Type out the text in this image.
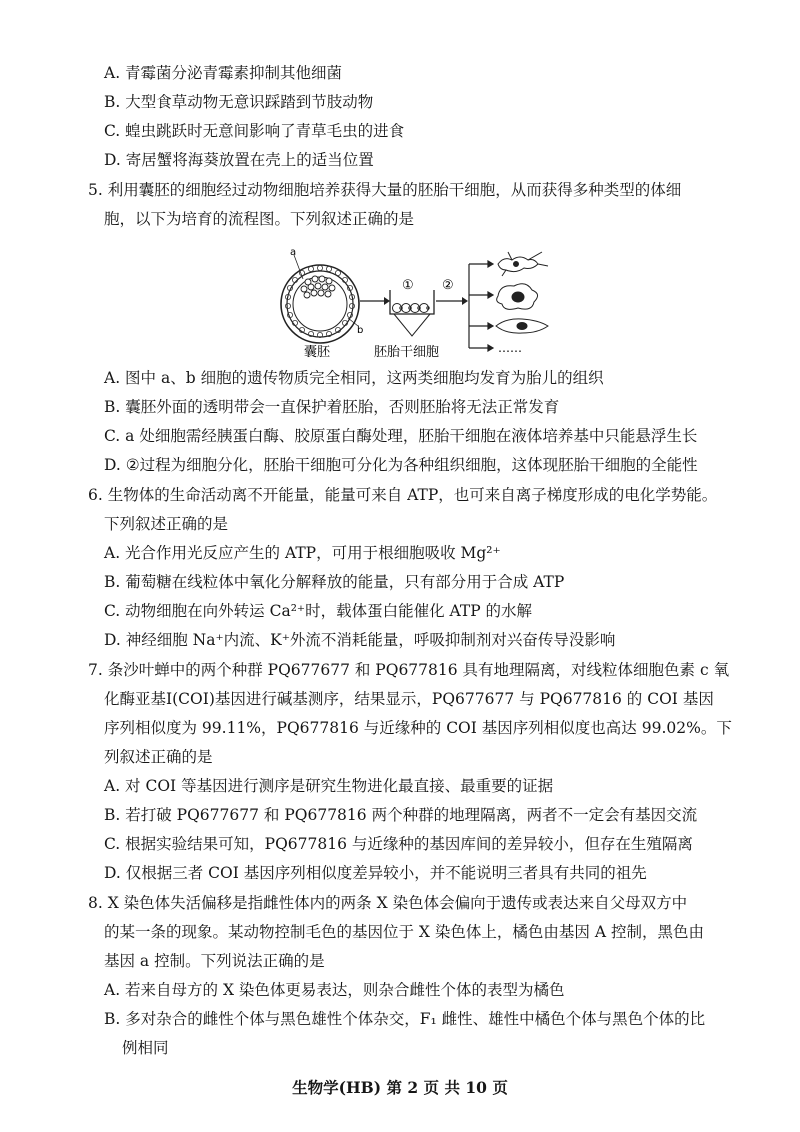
A. 青霉菌分泌青霉素抑制其他细菌
B. 大型食草动物无意识踩踏到节肢动物
C. 蝗虫跳跃时无意间影响了青草毛虫的进食
D. 寄居蟹将海葵放置在壳上的适当位置
5. 利用囊胚的细胞经过动物细胞培养获得大量的胚胎干细胞，从而获得多种类型的体细
胞，以下为培育的流程图。下列叙述正确的是
a
b
囊胚
①
胚胎干细胞
②
……
A. 图中 a、b 细胞的遗传物质完全相同，这两类细胞均发育为胎儿的组织
B. 囊胚外面的透明带会一直保护着胚胎，否则胚胎将无法正常发育
C. a 处细胞需经胰蛋白酶、胶原蛋白酶处理，胚胎干细胞在液体培养基中只能悬浮生长
D. ②过程为细胞分化，胚胎干细胞可分化为各种组织细胞，这体现胚胎干细胞的全能性
6. 生物体的生命活动离不开能量，能量可来自 ATP，也可来自离子梯度形成的电化学势能。
下列叙述正确的是
A. 光合作用光反应产生的 ATP，可用于根细胞吸收 Mg²⁺
B. 葡萄糖在线粒体中氧化分解释放的能量，只有部分用于合成 ATP
C. 动物细胞在向外转运 Ca²⁺时，载体蛋白能催化 ATP 的水解
D. 神经细胞 Na⁺内流、K⁺外流不消耗能量，呼吸抑制剂对兴奋传导没影响
7. 条沙叶蝉中的两个种群 PQ677677 和 PQ677816 具有地理隔离，对线粒体细胞色素 c 氧
化酶亚基Ⅰ(COⅠ)基因进行碱基测序，结果显示，PQ677677 与 PQ677816 的 COI 基因
序列相似度为 99.11%，PQ677816 与近缘种的 COI 基因序列相似度也高达 99.02%。下
列叙述正确的是
A. 对 COI 等基因进行测序是研究生物进化最直接、最重要的证据
B. 若打破 PQ677677 和 PQ677816 两个种群的地理隔离，两者不一定会有基因交流
C. 根据实验结果可知，PQ677816 与近缘种的基因库间的差异较小，但存在生殖隔离
D. 仅根据三者 COI 基因序列相似度差异较小，并不能说明三者具有共同的祖先
8. X 染色体失活偏移是指雌性体内的两条 X 染色体会偏向于遗传或表达来自父母双方中
的某一条的现象。某动物控制毛色的基因位于 X 染色体上，橘色由基因 A 控制，黑色由
基因 a 控制。下列说法正确的是
A. 若来自母方的 X 染色体更易表达，则杂合雌性个体的表型为橘色
B. 多对杂合的雌性个体与黑色雄性个体杂交，F₁ 雌性、雄性中橘色个体与黑色个体的比
例相同
生物学(HB) 第 2 页 共 10 页
